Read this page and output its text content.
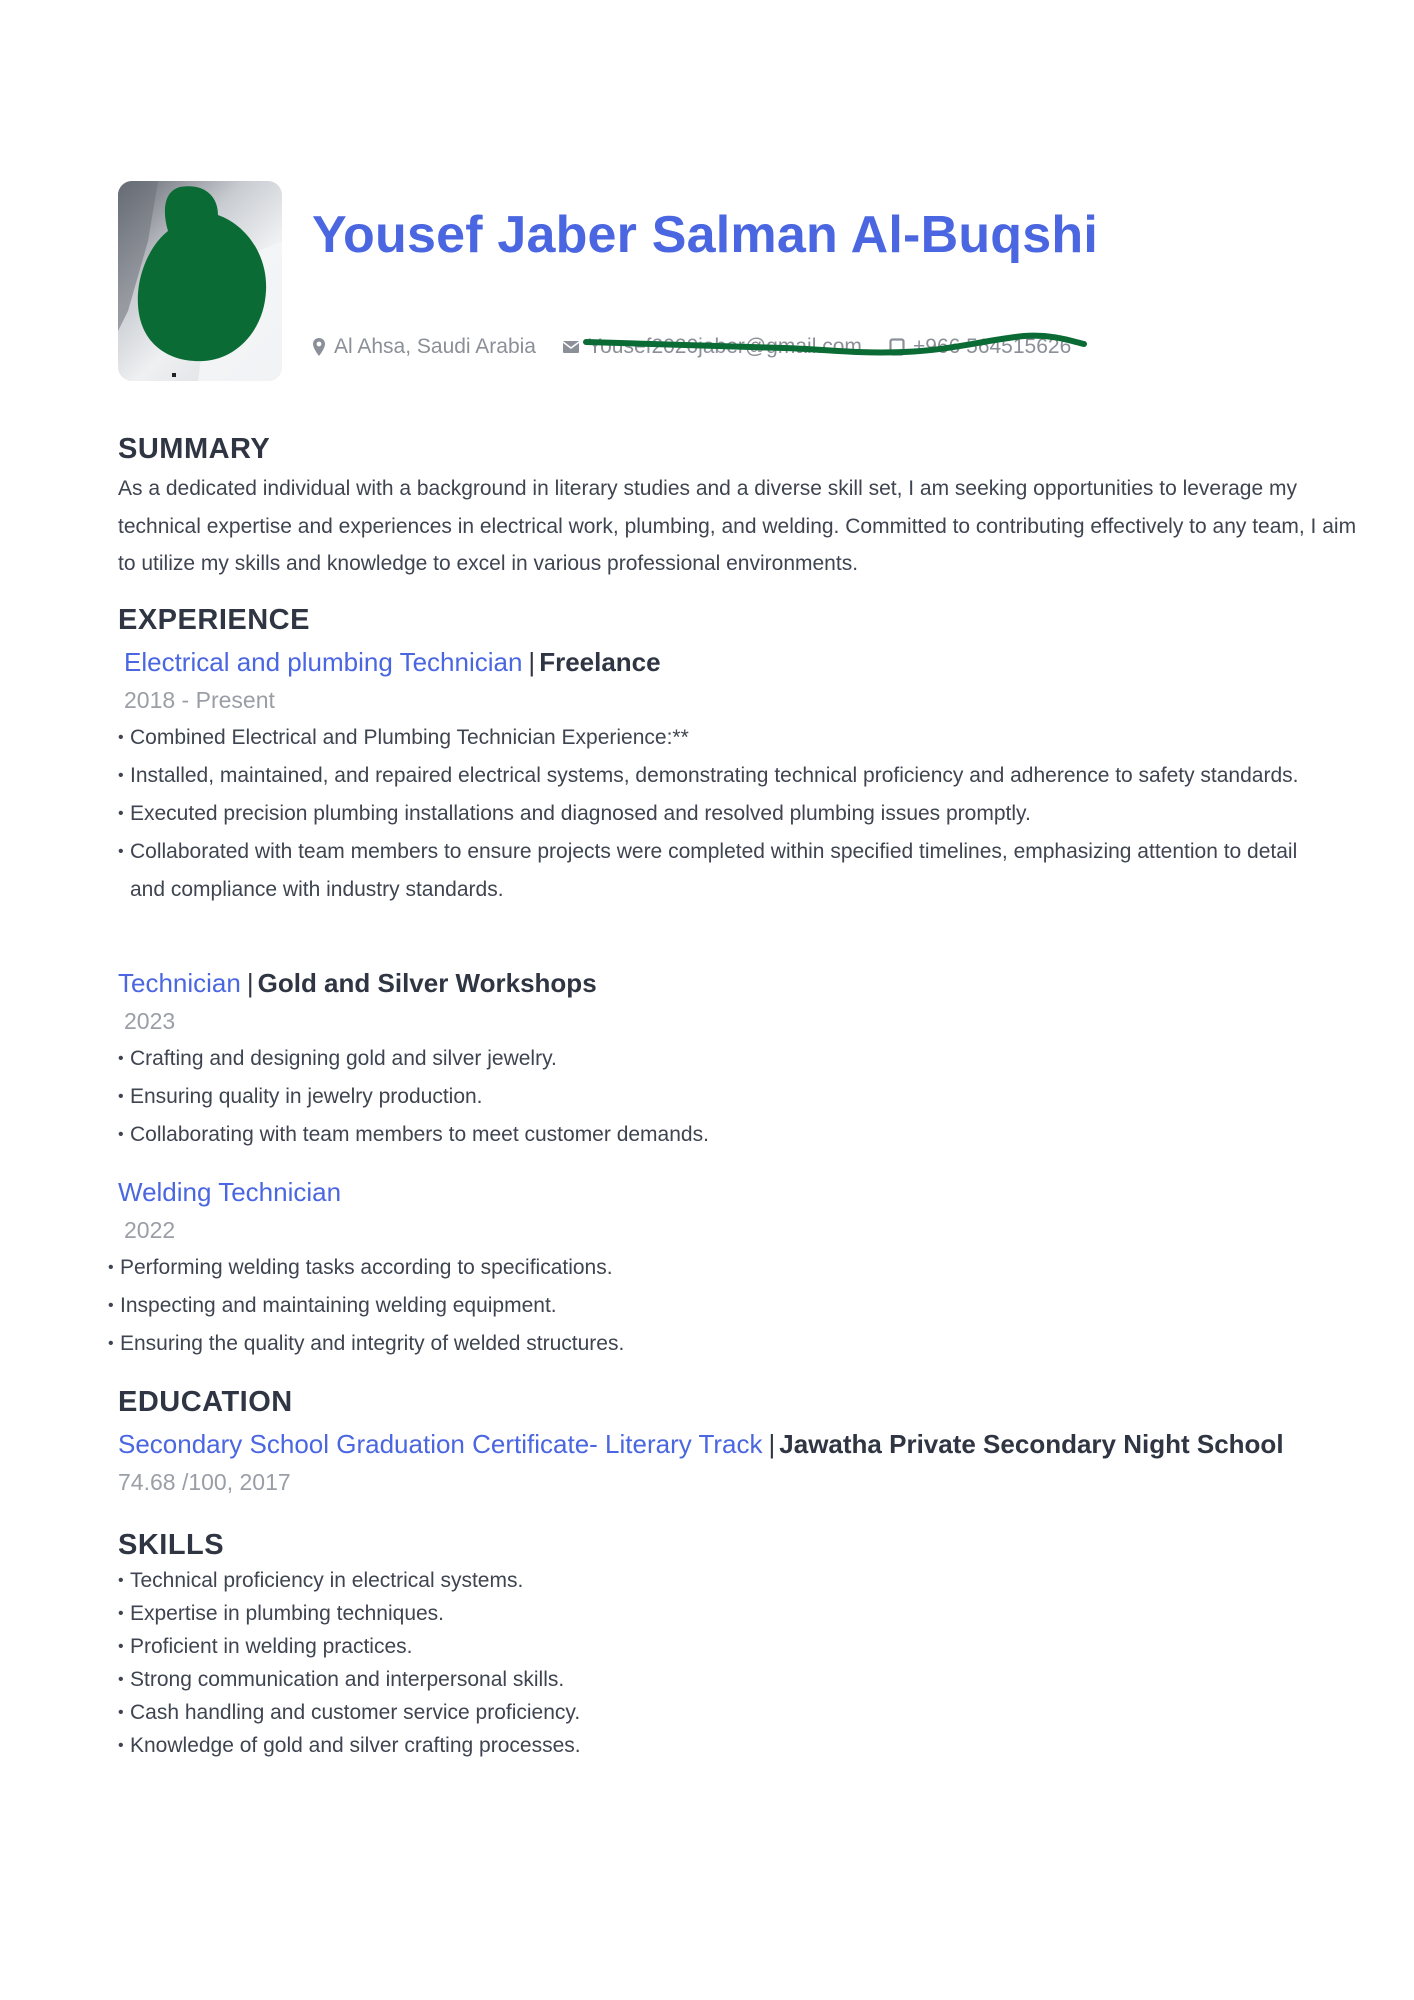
Yousef Jaber Salman Al-Buqshi
Al Ahsa, Saudi Arabia Yousef2020jaber@gmail.com +966 564515626
SUMMARY

As a dedicated individual with a background in literary studies and a diverse skill set, I am seeking opportunities to leverage my technical expertise and experiences in electrical work, plumbing, and welding. Committed to contributing effectively to any team, I aim to utilize my skills and knowledge to excel in various professional environments.

EXPERIENCE
Electrical and plumbing Technician | Freelance
2018 - Present
• Combined Electrical and Plumbing Technician Experience:**
• Installed, maintained, and repaired electrical systems, demonstrating technical proficiency and adherence to safety standards.
• Executed precision plumbing installations and diagnosed and resolved plumbing issues promptly.
• Collaborated with team members to ensure projects were completed within specified timelines, emphasizing attention to detail and compliance with industry standards.
Technician | Gold and Silver Workshops
2023
• Crafting and designing gold and silver jewelry.
• Ensuring quality in jewelry production.
• Collaborating with team members to meet customer demands.
Welding Technician
2022
• Performing welding tasks according to specifications.
• Inspecting and maintaining welding equipment.
• Ensuring the quality and integrity of welded structures.
EDUCATION
Secondary School Graduation Certificate- Literary Track | Jawatha Private Secondary Night School
74.68 /100, 2017
SKILLS
• Technical proficiency in electrical systems.
• Expertise in plumbing techniques.
• Proficient in welding practices.
• Strong communication and interpersonal skills.
• Cash handling and customer service proficiency.
• Knowledge of gold and silver crafting processes.
